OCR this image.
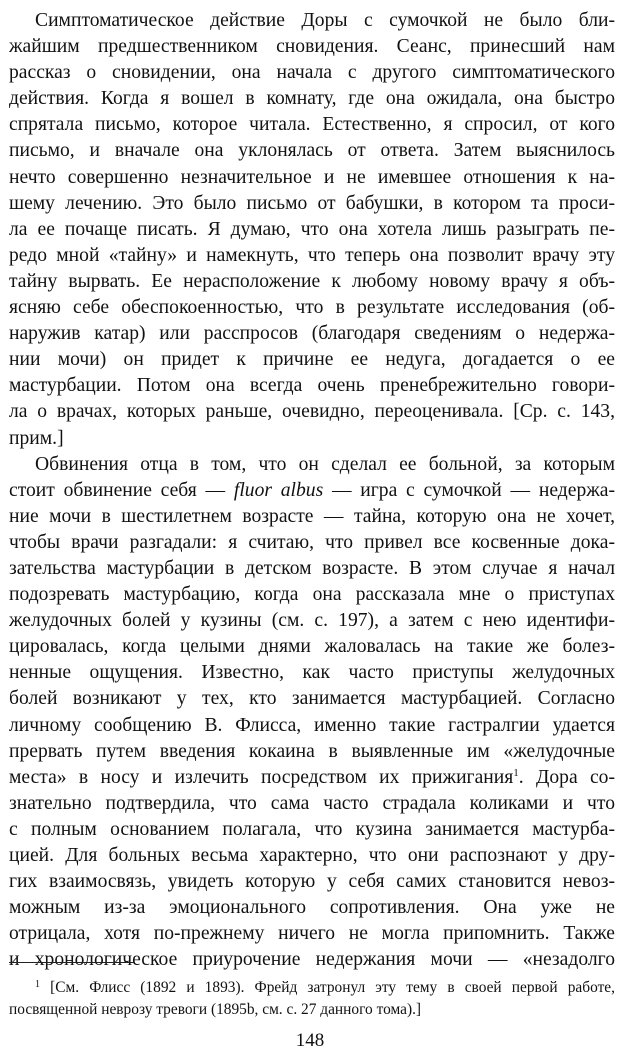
Симптоматическое действие Доры с сумочкой не было бли-
жайшим предшественником сновидения. Сеанс, принесший нам
рассказ о сновидении, она начала с другого симптоматического
действия. Когда я вошел в комнату, где она ожидала, она быстро
спрятала письмо, которое читала. Естественно, я спросил, от кого
письмо, и вначале она уклонялась от ответа. Затем выяснилось
нечто совершенно незначительное и не имевшее отношения к на-
шему лечению. Это было письмо от бабушки, в котором та проси-
ла ее почаще писать. Я думаю, что она хотела лишь разыграть пе-
редо мной «тайну» и намекнуть, что теперь она позволит врачу эту
тайну вырвать. Ее нерасположение к любому новому врачу я объ-
ясняю себе обеспокоенностью, что в результате исследования (об-
наружив катар) или расспросов (благодаря сведениям о недержа-
нии мочи) он придет к причине ее недуга, догадается о ее
мастурбации. Потом она всегда очень пренебрежительно говори-
ла о врачах, которых раньше, очевидно, переоценивала. [Ср. с. 143,
прим.]
Обвинения отца в том, что он сделал ее больной, за которым
стоит обвинение себя — fluor albus — игра с сумочкой — недержа-
ние мочи в шестилетнем возрасте — тайна, которую она не хочет,
чтобы врачи разгадали: я считаю, что привел все косвенные дока-
зательства мастурбации в детском возрасте. В этом случае я начал
подозревать мастурбацию, когда она рассказала мне о приступах
желудочных болей у кузины (см. с. 197), а затем с нею идентифи-
цировалась, когда целыми днями жаловалась на такие же болез-
ненные ощущения. Известно, как часто приступы желудочных
болей возникают у тех, кто занимается мастурбацией. Согласно
личному сообщению В. Флисса, именно такие гастралгии удается
прервать путем введения кокаина в выявленные им «желудочные
места» в носу и излечить посредством их прижигания$^1$. Дора со-
знательно подтвердила, что сама часто страдала коликами и что
с полным основанием полагала, что кузина занимается мастурба-
цией. Для больных весьма характерно, что они распознают у дру-
гих взаимосвязь, увидеть которую у себя самих становится невоз-
можным из-за эмоционального сопротивления. Она уже не
отрицала, хотя по-прежнему ничего не могла припомнить. Также
и хронологическое приурочение недержания мочи — «незадолго
$^1$ [См. Флисс (1892 и 1893). Фрейд затронул эту тему в своей первой работе,
посвященной неврозу тревоги (1895b, см. с. 27 данного тома).]
148
